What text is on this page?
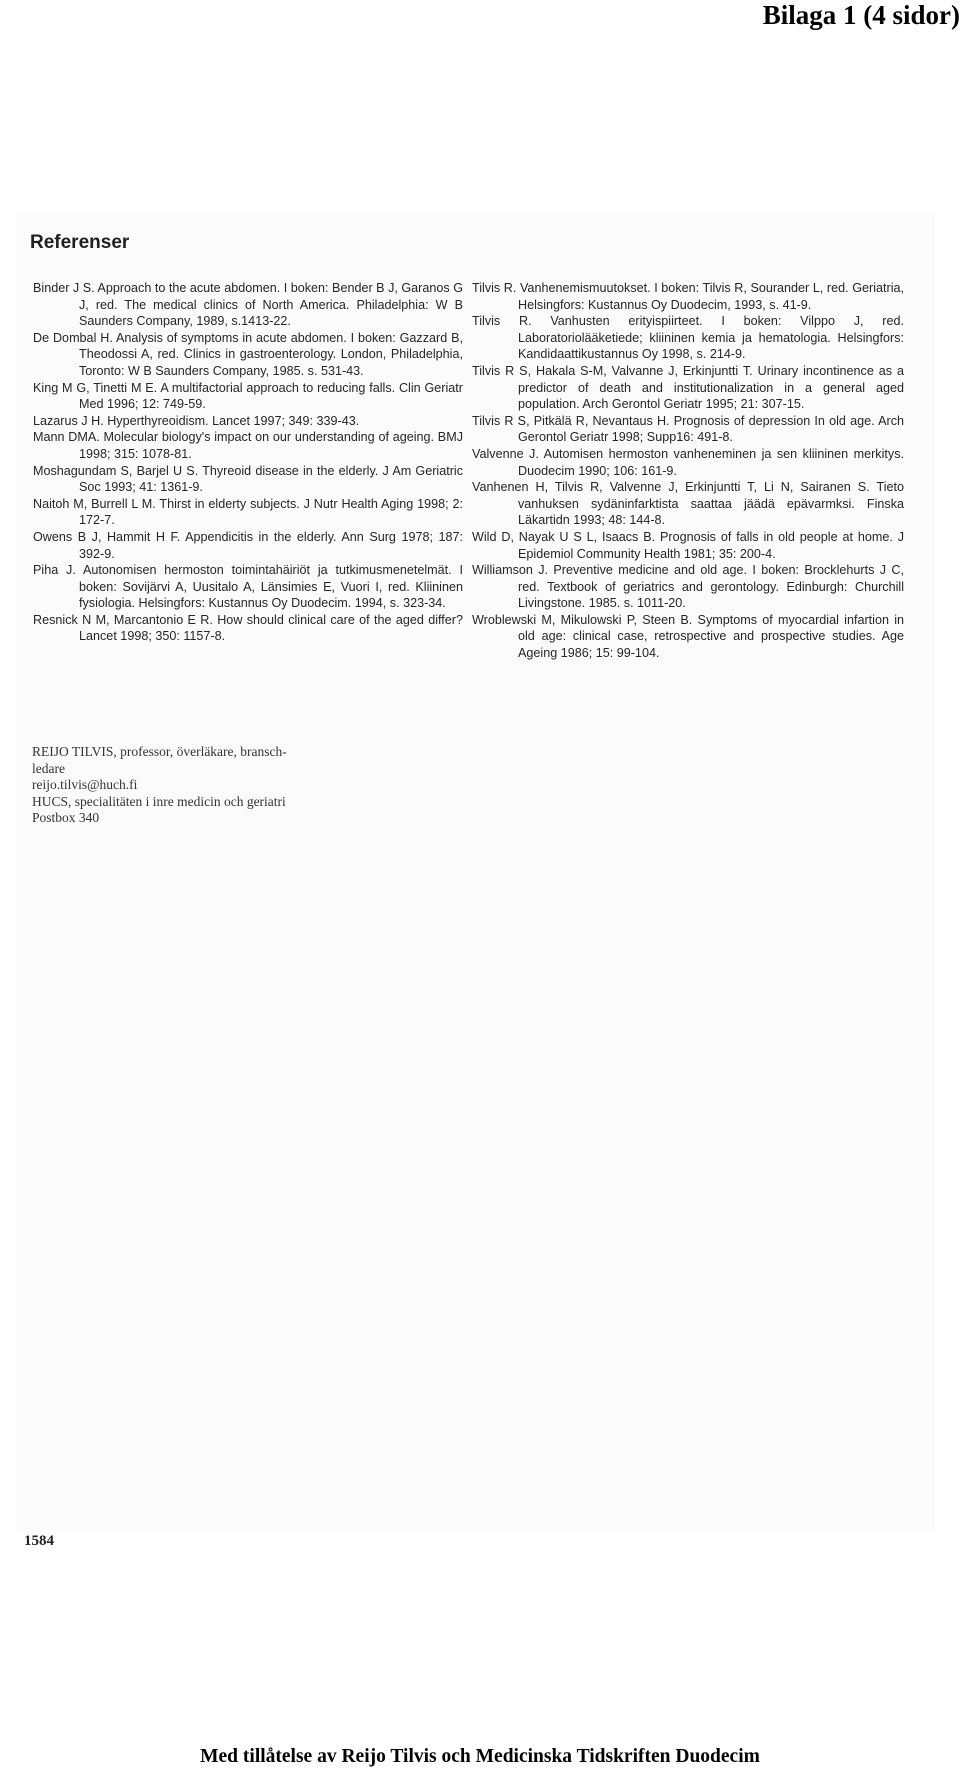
Bilaga 1 (4 sidor)
Referenser

Binder J S. Approach to the acute abdomen. I boken: Bender B J, Garanos G J, red. The medical clinics of North America. Philadelphia: W B Saunders Company, 1989, s.1413-22.

De Dombal H. Analysis of symptoms in acute abdomen. I boken: Gazzard B, Theodossi A, red. Clinics in gastroenterology. London, Philadelphia, Toronto: W B Saunders Company, 1985. s. 531-43.

King M G, Tinetti M E. A multifactorial approach to reducing falls. Clin Geriatr Med 1996; 12: 749-59.

Lazarus J H. Hyperthyreoidism. Lancet 1997; 349: 339-43.

Mann DMA. Molecular biology's impact on our understanding of ageing. BMJ 1998; 315: 1078-81.

Moshagundam S, Barjel U S. Thyreoid disease in the elderly. J Am Geriatric Soc 1993; 41: 1361-9.

Naitoh M, Burrell L M. Thirst in elderty subjects. J Nutr Health Aging 1998; 2: 172-7.

Owens B J, Hammit H F. Appendicitis in the elderly. Ann Surg 1978; 187: 392-9.

Piha J. Autonomisen hermoston toimintahäiriöt ja tutkimusmenetelmät. I boken: Sovijärvi A, Uusitalo A, Länsimies E, Vuori I, red. Kliininen fysiologia. Helsingfors: Kustannus Oy Duodecim. 1994, s. 323-34.

Resnick N M, Marcantonio E R. How should clinical care of the aged differ? Lancet 1998; 350: 1157-8.

Tilvis R. Vanhenemismuutokset. I boken: Tilvis R, Sourander L, red. Geriatria, Helsingfors: Kustannus Oy Duodecim, 1993, s. 41-9.

Tilvis R. Vanhusten erityispiirteet. I boken: Vilppo J, red. Laboratoriolääketiede; kliininen kemia ja hematologia. Helsingfors: Kandidaattikustannus Oy 1998, s. 214-9.

Tilvis R S, Hakala S-M, Valvanne J, Erkinjuntti T. Urinary incontinence as a predictor of death and institutionalization in a general aged population. Arch Gerontol Geriatr 1995; 21: 307-15.

Tilvis R S, Pitkälä R, Nevantaus H. Prognosis of depression In old age. Arch Gerontol Geriatr 1998; Supp16: 491-8.

Valvenne J. Automisen hermoston vanheneminen ja sen kliininen merkitys. Duodecim 1990; 106: 161-9.

Vanhenen H, Tilvis R, Valvenne J, Erkinjuntti T, Li N, Sairanen S. Tieto vanhuksen sydäninfarktista saattaa jäädä epävarmksi. Finska Läkartidn 1993; 48: 144-8.

Wild D, Nayak U S L, Isaacs B. Prognosis of falls in old people at home. J Epidemiol Community Health 1981; 35: 200-4.

Williamson J. Preventive medicine and old age. I boken: Brocklehurts J C, red. Textbook of geriatrics and gerontology. Edinburgh: Churchill Livingstone. 1985. s. 1011-20.

Wroblewski M, Mikulowski P, Steen B. Symptoms of myocardial infartion in old age: clinical case, retrospective and prospective studies. Age Ageing 1986; 15: 99-104.

REIJO TILVIS, professor, överläkare, bransch-
ledare
reijo.tilvis@huch.fi
HUCS, specialitäten i inre medicin och geriatri
Postbox 340
1584
Med tillåtelse av Reijo Tilvis och Medicinska Tidskriften Duodecim
